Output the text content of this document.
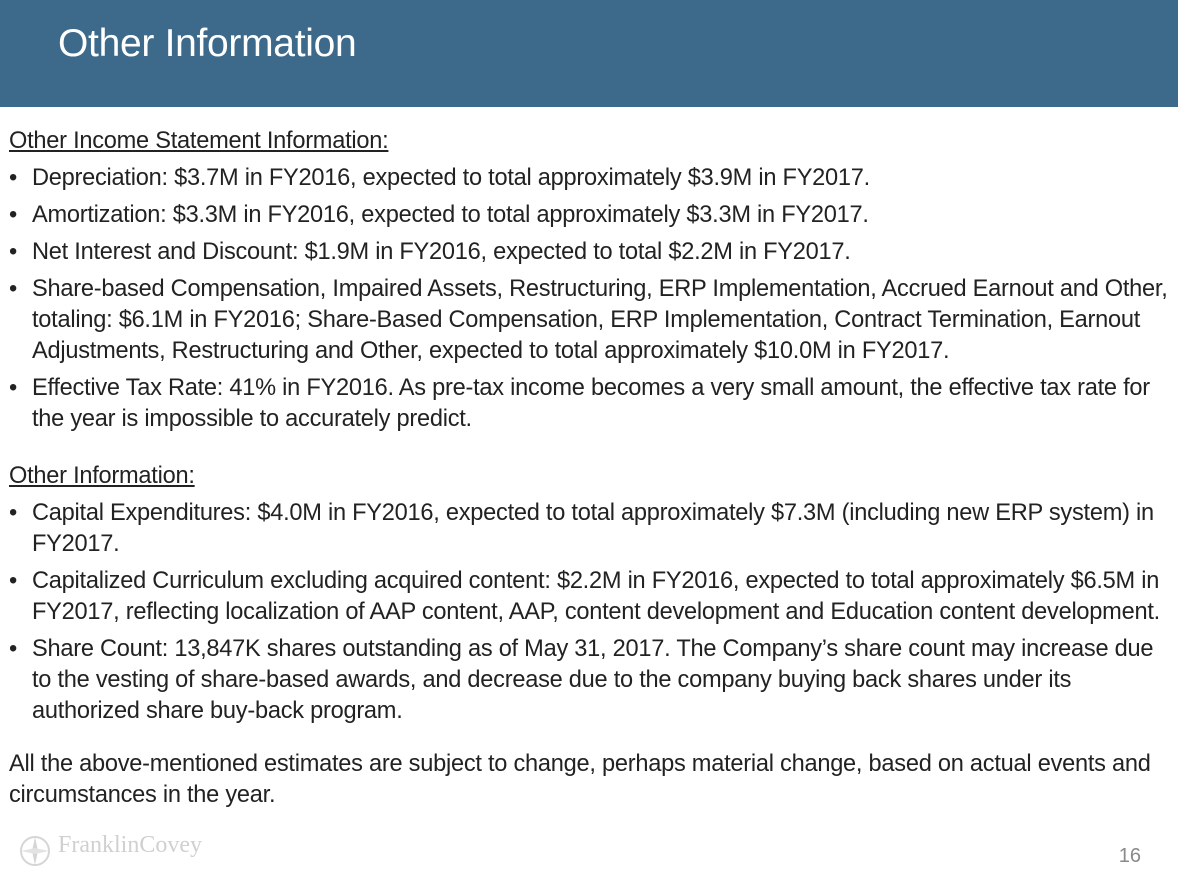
Other Information
Other Income Statement Information:
• Depreciation: $3.7M in FY2016, expected to total approximately $3.9M in FY2017.
• Amortization: $3.3M in FY2016, expected to total approximately $3.3M in FY2017.
• Net Interest and Discount: $1.9M in FY2016, expected to total $2.2M in FY2017.
• Share-based Compensation, Impaired Assets, Restructuring, ERP Implementation, Accrued Earnout and Other, totaling: $6.1M in FY2016; Share-Based Compensation, ERP Implementation, Contract Termination, Earnout Adjustments, Restructuring and Other, expected to total approximately $10.0M in FY2017.
• Effective Tax Rate: 41% in FY2016. As pre-tax income becomes a very small amount, the effective tax rate for the year is impossible to accurately predict.
Other Information:
• Capital Expenditures: $4.0M in FY2016, expected to total approximately $7.3M (including new ERP system) in FY2017.
• Capitalized Curriculum excluding acquired content: $2.2M in FY2016, expected to total approximately $6.5M in FY2017, reflecting localization of AAP content, AAP, content development and Education content development.
• Share Count: 13,847K shares outstanding as of May 31, 2017. The Company’s share count may increase due to the vesting of share-based awards, and decrease due to the company buying back shares under its authorized share buy-back program.

All the above-mentioned estimates are subject to change, perhaps material change, based on actual events and circumstances in the year.

FranklinCovey	16
